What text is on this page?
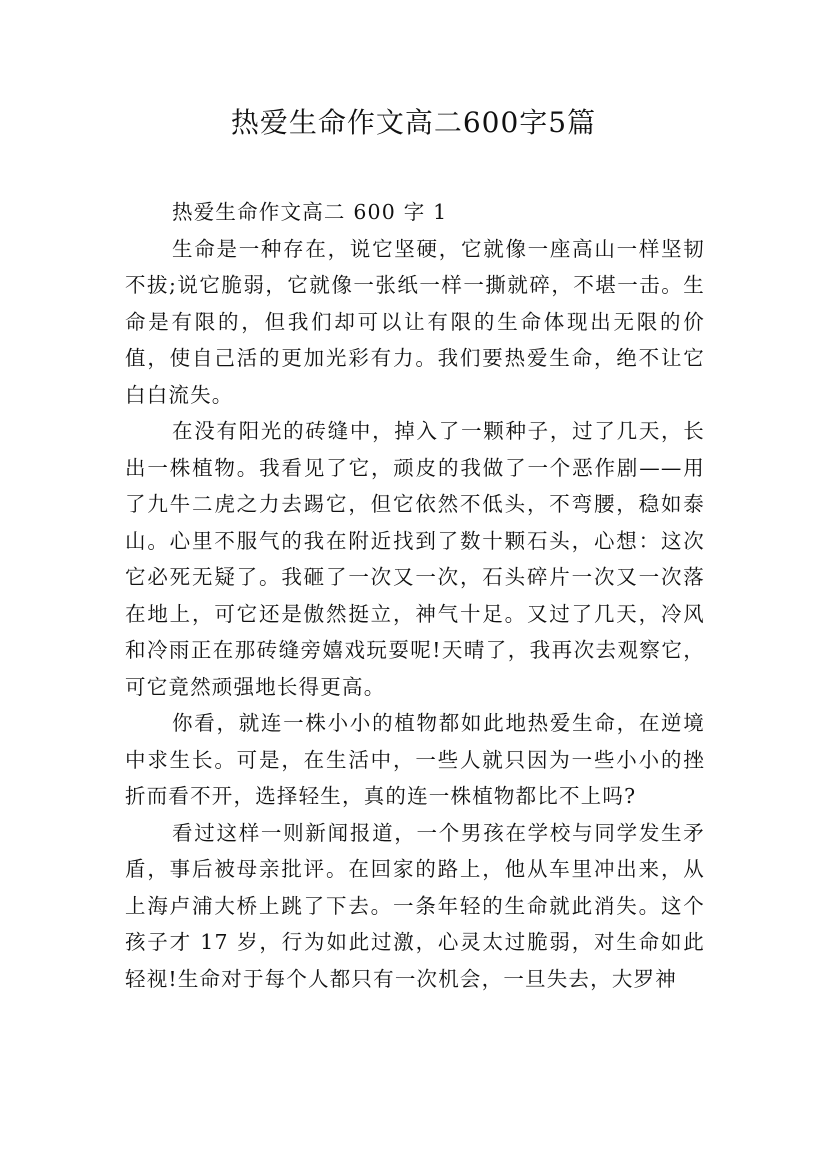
热爱生命作文高二600字5篇

热爱生命作文高二 600 字 1

生命是一种存在，说它坚硬，它就像一座高山一样坚韧不拔;说它脆弱，它就像一张纸一样一撕就碎，不堪一击。生命是有限的，但我们却可以让有限的生命体现出无限的价值，使自己活的更加光彩有力。我们要热爱生命，绝不让它白白流失。

在没有阳光的砖缝中，掉入了一颗种子，过了几天，长出一株植物。我看见了它，顽皮的我做了一个恶作剧——用了九牛二虎之力去踢它，但它依然不低头，不弯腰，稳如泰山。心里不服气的我在附近找到了数十颗石头，心想：这次它必死无疑了。我砸了一次又一次，石头碎片一次又一次落在地上，可它还是傲然挺立，神气十足。又过了几天，冷风和冷雨正在那砖缝旁嬉戏玩耍呢!天晴了，我再次去观察它，可它竟然顽强地长得更高。

你看，就连一株小小的植物都如此地热爱生命，在逆境中求生长。可是，在生活中，一些人就只因为一些小小的挫折而看不开，选择轻生，真的连一株植物都比不上吗?

看过这样一则新闻报道，一个男孩在学校与同学发生矛盾，事后被母亲批评。在回家的路上，他从车里冲出来，从上海卢浦大桥上跳了下去。一条年轻的生命就此消失。这个孩子才 17 岁，行为如此过激，心灵太过脆弱，对生命如此轻视!生命对于每个人都只有一次机会，一旦失去，大罗神
